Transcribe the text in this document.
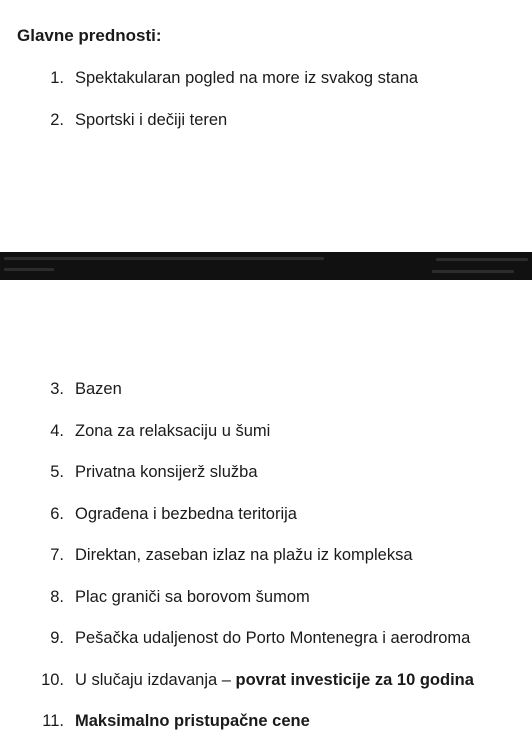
Glavne prednosti:
1. Spektakularan pogled na more iz svakog stana
2. Sportski i dečiji teren
3. Bazen
4. Zona za relaksaciju u šumi
5. Privatna konsijerž služba
6. Ograđena i bezbedna teritorija
7. Direktan, zaseban izlaz na plažu iz kompleksa
8. Plac graniči sa borovom šumom
9. Pešačka udaljenost do Porto Montenegra i aerodroma
10. U slučaju izdavanja – povrat investicije za 10 godina
11. Maksimalno pristupačne cene
